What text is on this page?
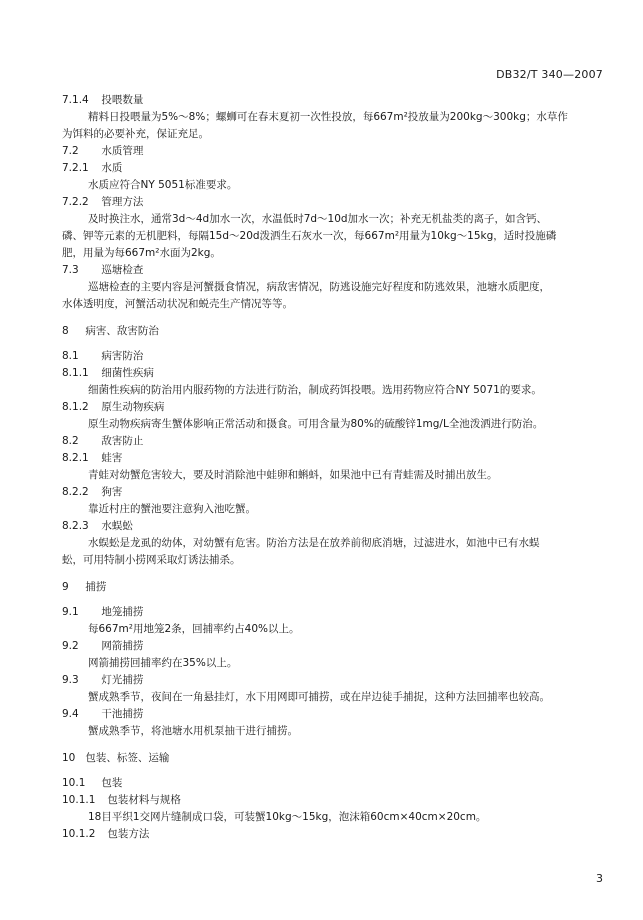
DB32/T 340—2007
7.1.4 投喂数量
精料日投喂量为5%～8%；螺蛳可在春末夏初一次性投放，每667m²投放量为200kg～300kg；水草作
为饵料的必要补充，保证充足。
7.2 水质管理
7.2.1 水质
水质应符合NY 5051标准要求。
7.2.2 管理方法
及时换注水，通常3d～4d加水一次，水温低时7d～10d加水一次；补充无机盐类的离子，如含钙、
磷、钾等元素的无机肥料，每隔15d～20d泼洒生石灰水一次，每667m²用量为10kg～15kg，适时投施磷
肥，用量为每667m²水面为2kg。
7.3 巡塘检查
巡塘检查的主要内容是河蟹摄食情况，病敌害情况，防逃设施完好程度和防逃效果，池塘水质肥度，
水体透明度，河蟹活动状况和蜕壳生产情况等等。
8 病害、敌害防治
8.1 病害防治
8.1.1 细菌性疾病
细菌性疾病的防治用内服药物的方法进行防治，制成药饵投喂。选用药物应符合NY 5071的要求。
8.1.2 原生动物疾病
原生动物疾病寄生蟹体影响正常活动和摄食。可用含量为80%的硫酸锌1mg/L全池泼洒进行防治。
8.2 敌害防止
8.2.1 蛙害
青蛙对幼蟹危害较大，要及时消除池中蛙卵和蝌蚪，如果池中已有青蛙需及时捕出放生。
8.2.2 狗害
靠近村庄的蟹池要注意狗入池吃蟹。
8.2.3 水蜈蚣
水蜈蚣是龙虱的幼体，对幼蟹有危害。防治方法是在放养前彻底消塘，过滤进水，如池中已有水蜈
蚣，可用特制小捞网采取灯诱法捕杀。
9 捕捞
9.1 地笼捕捞
每667m²用地笼2条，回捕率约占40%以上。
9.2 网箭捕捞
网箭捕捞回捕率约在35%以上。
9.3 灯光捕捞
蟹成熟季节，夜间在一角悬挂灯，水下用网即可捕捞，或在岸边徒手捕捉，这种方法回捕率也较高。
9.4 干池捕捞
蟹成熟季节，将池塘水用机泵抽干进行捕捞。
10 包装、标签、运输
10.1 包装
10.1.1 包装材料与规格
18目平织1交网片缝制成口袋，可装蟹10kg～15kg，泡沫箱60cm×40cm×20cm。
10.1.2 包装方法
3
